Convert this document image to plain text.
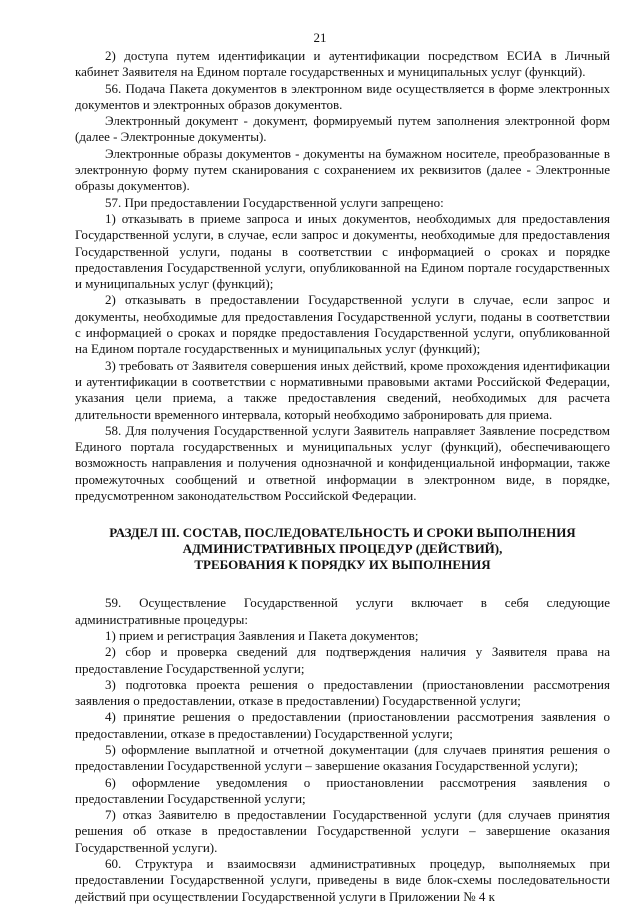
21

2) доступа путем идентификации и аутентификации посредством ЕСИА в Личный кабинет Заявителя на Едином портале государственных и муниципальных услуг (функций).

56. Подача Пакета документов в электронном виде осуществляется в форме электронных документов и электронных образов документов.

Электронный документ - документ, формируемый путем заполнения электронной форм (далее - Электронные документы).

Электронные образы документов - документы на бумажном носителе, преобразованные в электронную форму путем сканирования с сохранением их реквизитов (далее - Электронные образы документов).

57. При предоставлении Государственной услуги запрещено:

1) отказывать в приеме запроса и иных документов, необходимых для предоставления Государственной услуги, в случае, если запрос и документы, необходимые для предоставления Государственной услуги, поданы в соответствии с информацией о сроках и порядке предоставления Государственной услуги, опубликованной на Едином портале государственных и муниципальных услуг (функций);

2) отказывать в предоставлении Государственной услуги в случае, если запрос и документы, необходимые для предоставления Государственной услуги, поданы в соответствии с информацией о сроках и порядке предоставления Государственной услуги, опубликованной на Едином портале государственных и муниципальных услуг (функций);

3) требовать от Заявителя совершения иных действий, кроме прохождения идентификации и аутентификации в соответствии с нормативными правовыми актами Российской Федерации, указания цели приема, а также предоставления сведений, необходимых для расчета длительности временного интервала, который необходимо забронировать для приема.

58. Для получения Государственной услуги Заявитель направляет Заявление посредством Единого портала государственных и муниципальных услуг (функций), обеспечивающего возможность направления и получения однозначной и конфиденциальной информации, также промежуточных сообщений и ответной информации в электронном виде, в порядке, предусмотренном законодательством Российской Федерации.

РАЗДЕЛ III. СОСТАВ, ПОСЛЕДОВАТЕЛЬНОСТЬ И СРОКИ ВЫПОЛНЕНИЯ
АДМИНИСТРАТИВНЫХ ПРОЦЕДУР (ДЕЙСТВИЙ),
ТРЕБОВАНИЯ К ПОРЯДКУ ИХ ВЫПОЛНЕНИЯ

59. Осуществление Государственной услуги включает в себя следующие административные процедуры:

1) прием и регистрация Заявления и Пакета документов;

2) сбор и проверка сведений для подтверждения наличия у Заявителя права на предоставление Государственной услуги;

3) подготовка проекта решения о предоставлении (приостановлении рассмотрения заявления о предоставлении, отказе в предоставлении) Государственной услуги;

4) принятие решения о предоставлении (приостановлении рассмотрения заявления о предоставлении, отказе в предоставлении) Государственной услуги;

5) оформление выплатной и отчетной документации (для случаев принятия решения о предоставлении Государственной услуги – завершение оказания Государственной услуги);

6) оформление уведомления о приостановлении рассмотрения заявления о предоставлении Государственной услуги;

7) отказ Заявителю в предоставлении Государственной услуги (для случаев принятия решения об отказе в предоставлении Государственной услуги – завершение оказания Государственной услуги).

60. Структура и взаимосвязи административных процедур, выполняемых при предоставлении Государственной услуги, приведены в виде блок-схемы последовательности действий при осуществлении Государственной услуги в Приложении № 4 к
